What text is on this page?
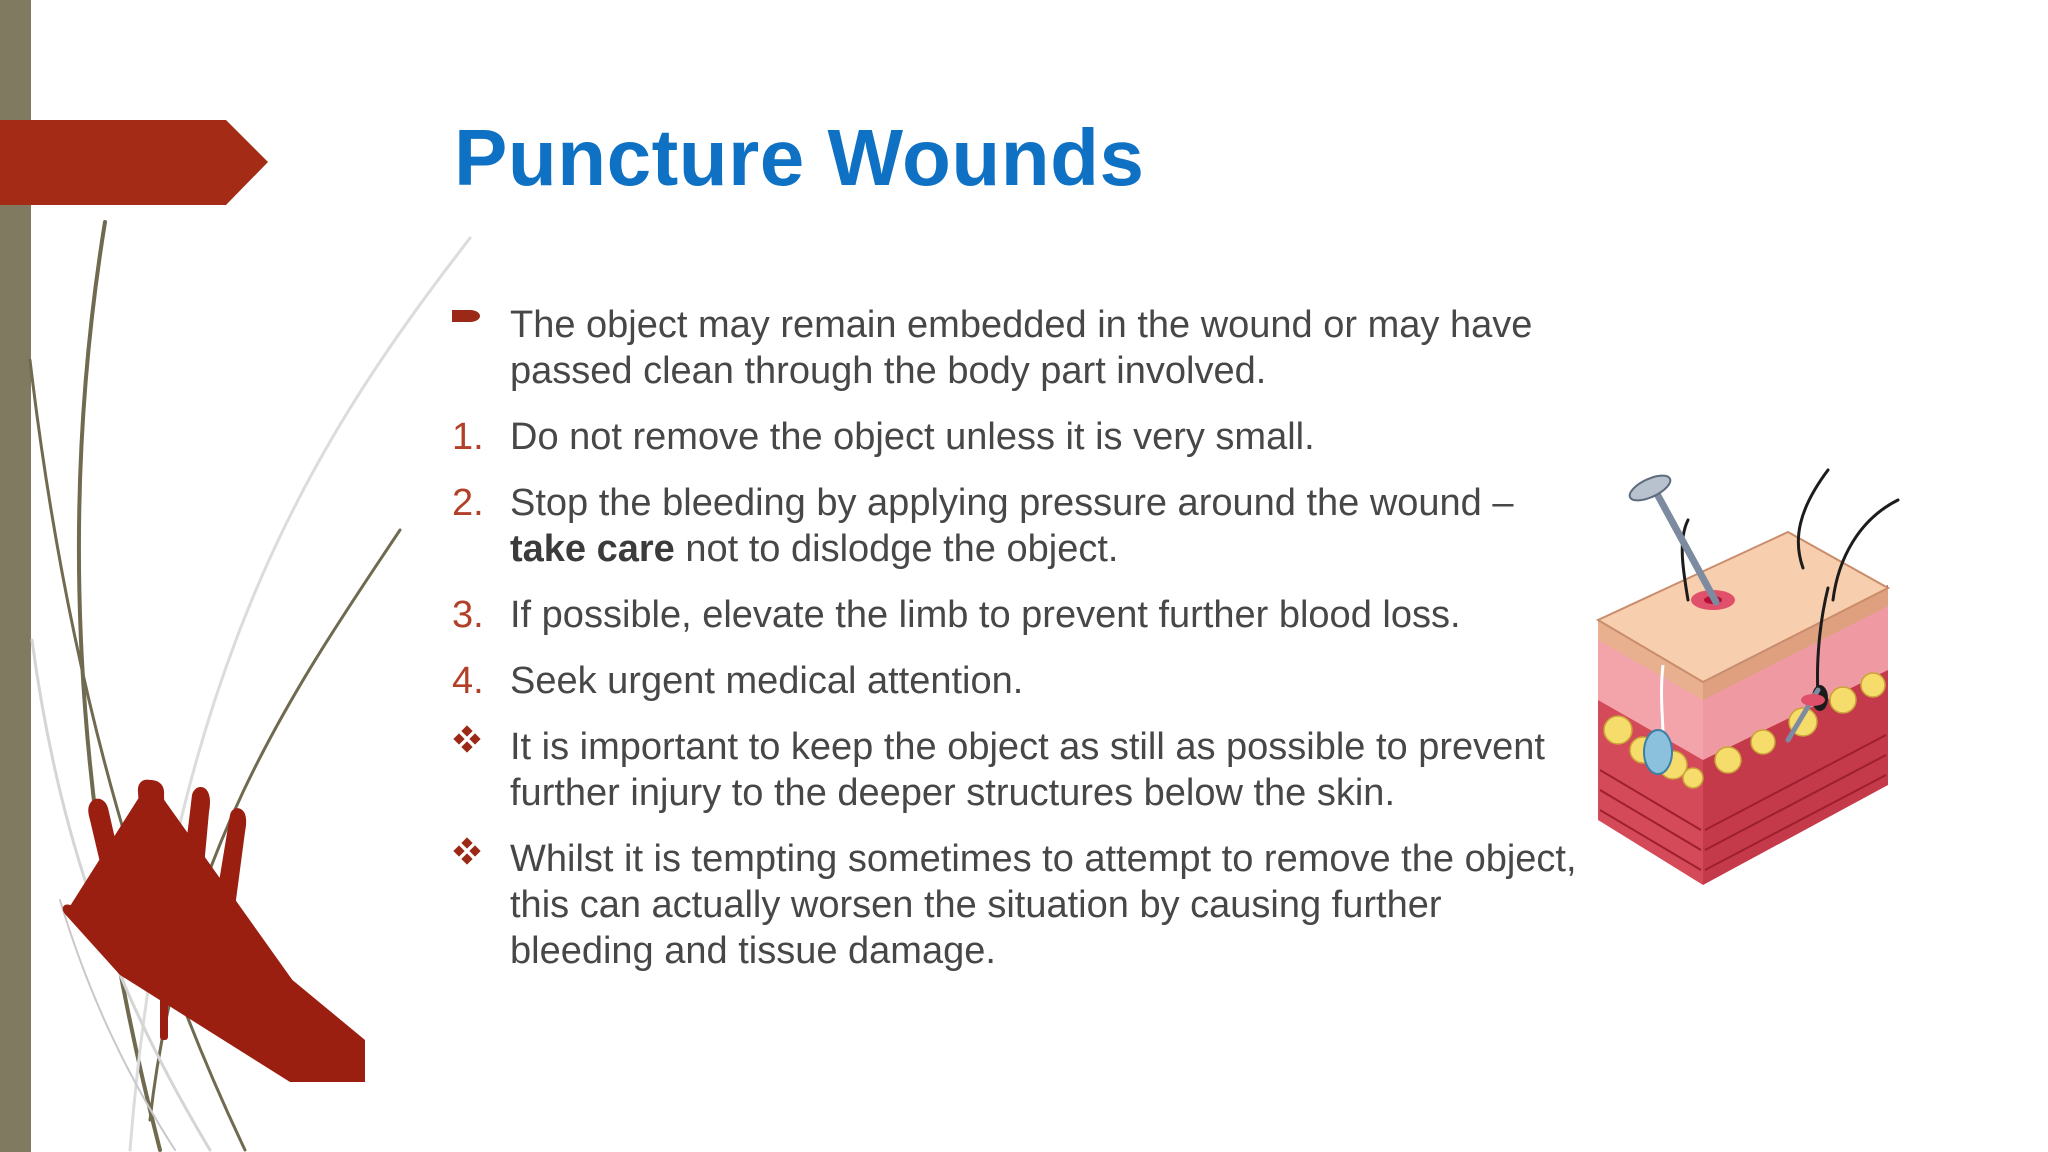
Puncture Wounds
The object may remain embedded in the wound or may have passed clean through the body part involved.
1. Do not remove the object unless it is very small.
2. Stop the bleeding by applying pressure around the wound – take care not to dislodge the object.
3. If possible, elevate the limb to prevent further blood loss.
4. Seek urgent medical attention.
It is important to keep the object as still as possible to prevent further injury to the deeper structures below the skin.
Whilst it is tempting sometimes to attempt to remove the object, this can actually worsen the situation by causing further bleeding and tissue damage.
